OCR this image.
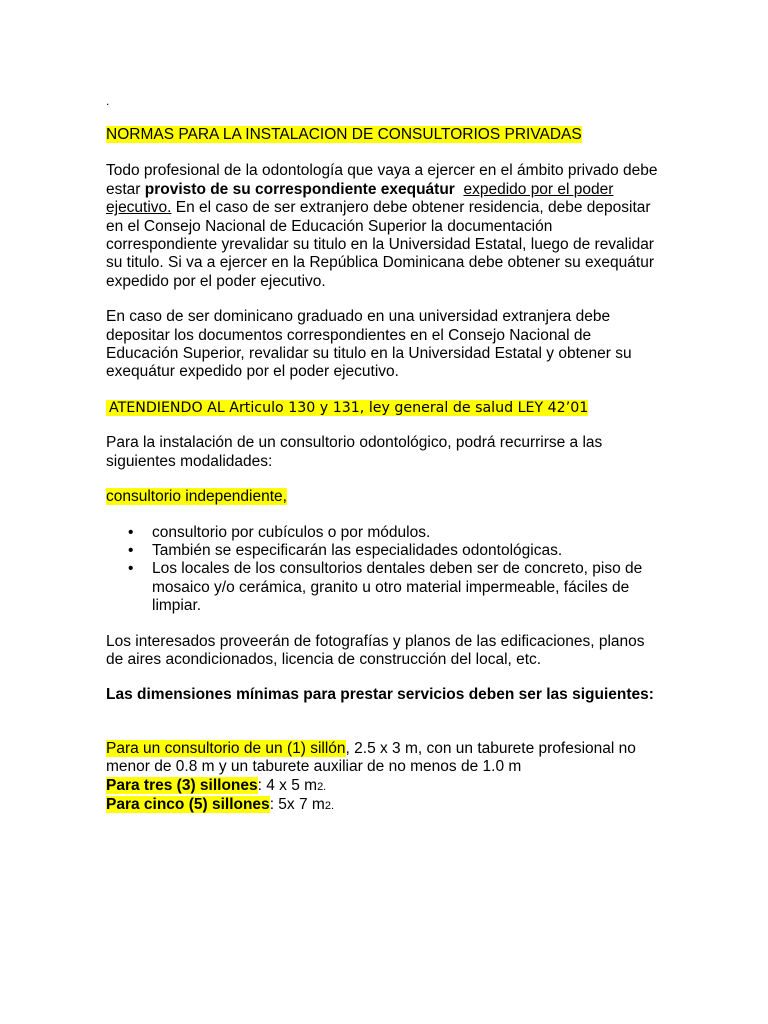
.

NORMAS PARA LA INSTALACION DE CONSULTORIOS PRIVADAS

Todo profesional de la odontología que vaya a ejercer en el ámbito privado debe estar provisto de su correspondiente exequátur expedido por el poder ejecutivo. En el caso de ser extranjero debe obtener residencia, debe depositar en el Consejo Nacional de Educación Superior la documentación correspondiente yrevalidar su titulo en la Universidad Estatal, luego de revalidar su titulo. Si va a ejercer en la República Dominicana debe obtener su exequátur expedido por el poder ejecutivo.

En caso de ser dominicano graduado en una universidad extranjera debe depositar los documentos correspondientes en el Consejo Nacional de Educación Superior, revalidar su titulo en la Universidad Estatal y obtener su exequátur expedido por el poder ejecutivo.

ATENDIENDO AL Articulo 130 y 131, ley general de salud LEY 42’01

Para la instalación de un consultorio odontológico, podrá recurrirse a las siguientes modalidades:

consultorio independiente,

• consultorio por cubículos o por módulos.
• También se especificarán las especialidades odontológicas.
• Los locales de los consultorios dentales deben ser de concreto, piso de mosaico y/o cerámica, granito u otro material impermeable, fáciles de limpiar.

Los interesados proveerán de fotografías y planos de las edificaciones, planos de aires acondicionados, licencia de construcción del local, etc.

Las dimensiones mínimas para prestar servicios deben ser las siguientes:

Para un consultorio de un (1) sillón, 2.5 x 3 m, con un taburete profesional no menor de 0.8 m y un taburete auxiliar de no menos de 1.0 m

Para tres (3) sillones: 4 x 5 m2.

Para cinco (5) sillones: 5x 7 m2.
